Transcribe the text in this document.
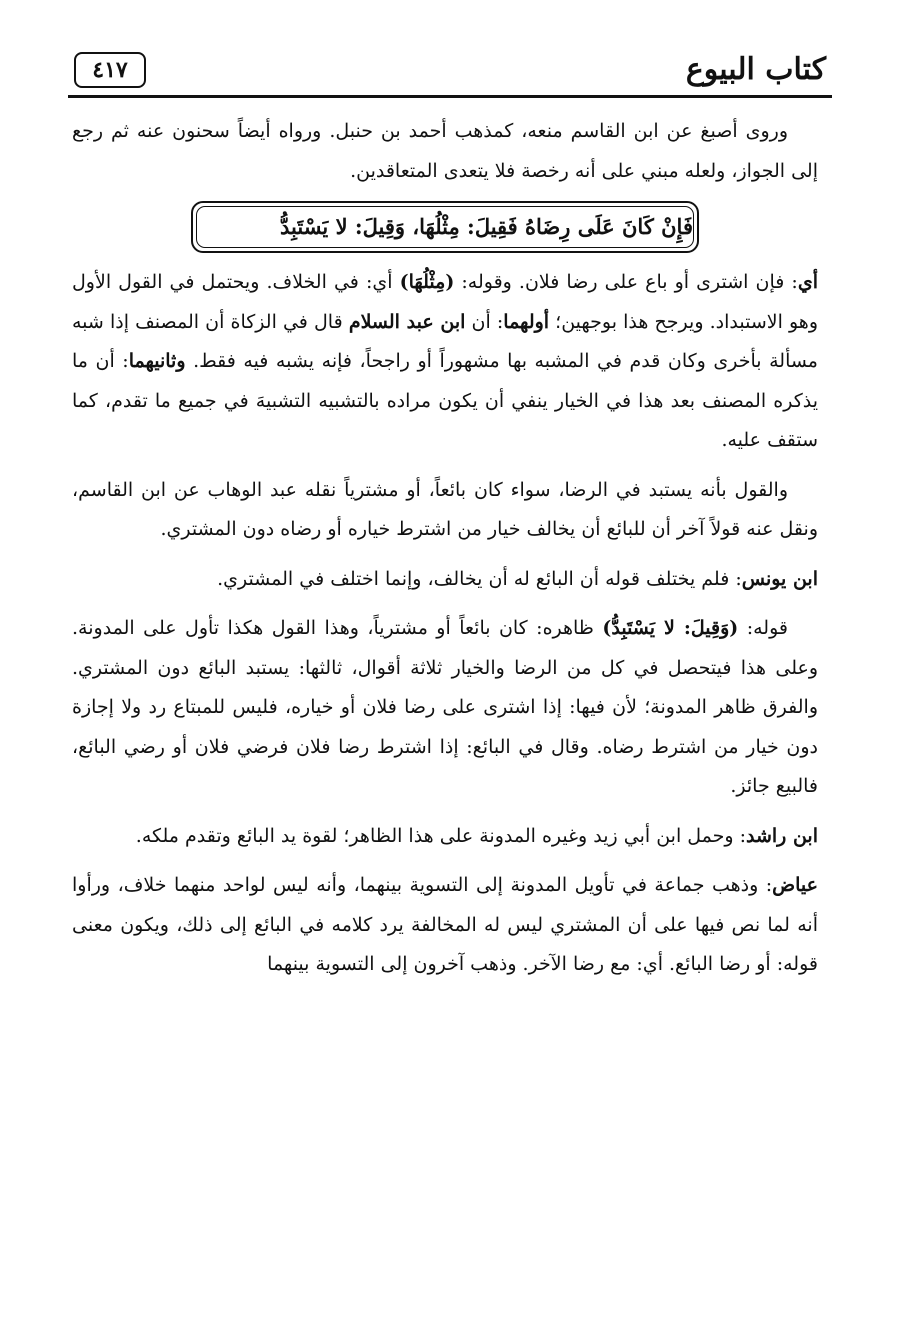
كتاب البيوع
٤١٧

وروى أصبغ عن ابن القاسم منعه، كمذهب أحمد بن حنبل. ورواه أيضاً سحنون عنه ثم رجع إلى الجواز، ولعله مبني على أنه رخصة فلا يتعدى المتعاقدين.

فَإِنْ كَانَ عَلَى رِضَاهُ فَقِيلَ: مِثْلُهَا، وَقِيلَ: لا يَسْتَبِدُّ

أي: فإن اشترى أو باع على رضا فلان. وقوله: (مِثْلُهَا) أي: في الخلاف. ويحتمل في القول الأول وهو الاستبداد. ويرجح هذا بوجهين؛ أولهما: أن ابن عبد السلام قال في الزكاة أن المصنف إذا شبه مسألة بأخرى وكان قدم في المشبه بها مشهوراً أو راجحاً، فإنه يشبه فيه فقط. وثانيهما: أن ما يذكره المصنف بعد هذا في الخيار ينفي أن يكون مراده بالتشبيه التشبيهَ في جميع ما تقدم، كما ستقف عليه.

والقول بأنه يستبد في الرضا، سواء كان بائعاً، أو مشترياً نقله عبد الوهاب عن ابن القاسم، ونقل عنه قولاً آخر أن للبائع أن يخالف خيار من اشترط خياره أو رضاه دون المشتري.

ابن يونس: فلم يختلف قوله أن البائع له أن يخالف، وإنما اختلف في المشتري.

قوله: (وَقِيلَ: لا يَسْتَبِدُّ) ظاهره: كان بائعاً أو مشترياً، وهذا القول هكذا تأول على المدونة. وعلى هذا فيتحصل في كل من الرضا والخيار ثلاثة أقوال، ثالثها: يستبد البائع دون المشتري. والفرق ظاهر المدونة؛ لأن فيها: إذا اشترى على رضا فلان أو خياره، فليس للمبتاع رد ولا إجازة دون خيار من اشترط رضاه. وقال في البائع: إذا اشترط رضا فلان فرضي فلان أو رضي البائع، فالبيع جائز.

ابن راشد: وحمل ابن أبي زيد وغيره المدونة على هذا الظاهر؛ لقوة يد البائع وتقدم ملكه.

عياض: وذهب جماعة في تأويل المدونة إلى التسوية بينهما، وأنه ليس لواحد منهما خلاف، ورأوا أنه لما نص فيها على أن المشتري ليس له المخالفة يرد كلامه في البائع إلى ذلك، ويكون معنى قوله: أو رضا البائع. أي: مع رضا الآخر. وذهب آخرون إلى التسوية بينهما
